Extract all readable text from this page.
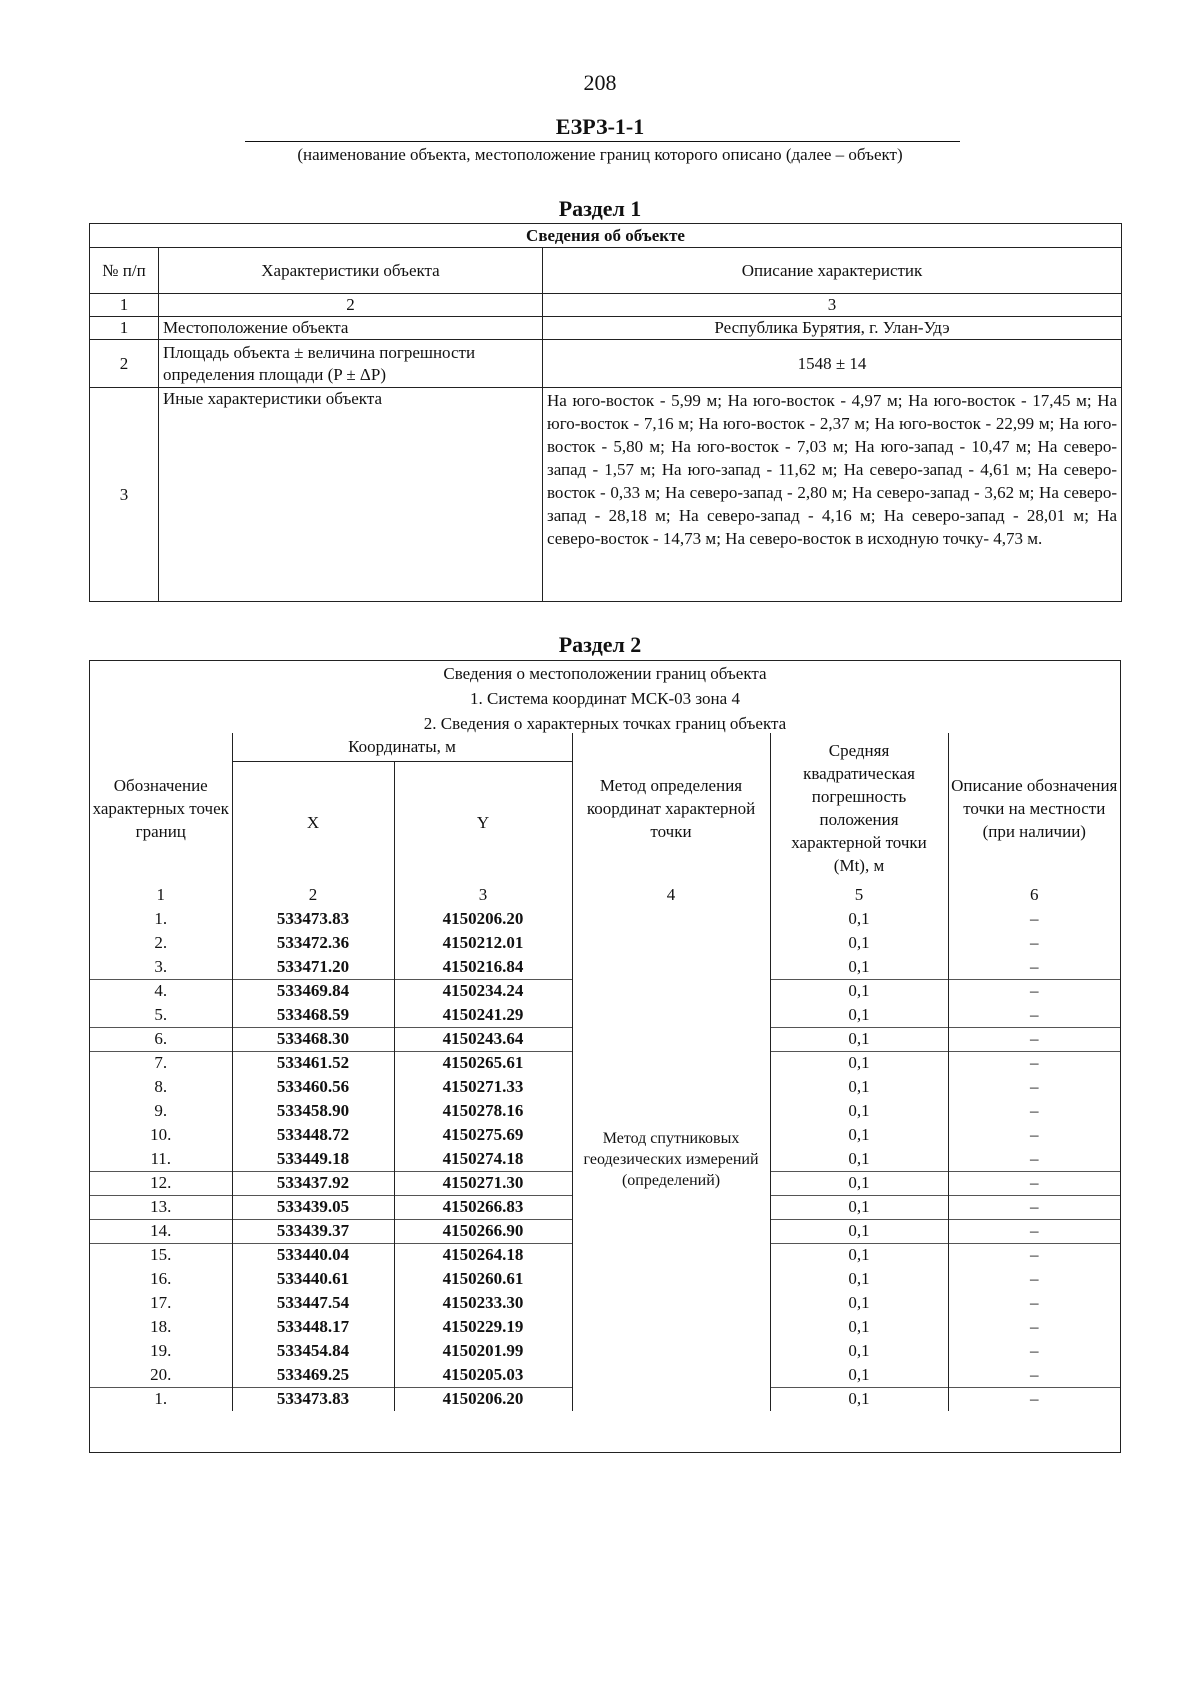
208
ЕЗРЗ-1-1
(наименование объекта, местоположение границ которого описано (далее – объект)
Раздел 1
Сведения об объекте		
№ п/п	Характеристики объекта	Описание характеристик
1	2	3
1	Местоположение объекта	Республика Бурятия, г. Улан-Удэ
2	Площадь объекта ± величина погрешности определения площади (P ± ΔP)	1548 ± 14
3	Иные характеристики объекта	На юго-восток - 5,99 м; На юго-восток - 4,97 м; На юго-восток - 17,45 м; На юго-восток - 7,16 м; На юго-восток - 2,37 м; На юго-восток - 22,99 м; На юго-восток - 5,80 м; На юго-восток - 7,03 м; На юго-запад - 10,47 м; На северо-запад - 1,57 м; На юго-запад - 11,62 м; На северо-запад - 4,61 м; На северо-восток - 0,33 м; На северо-запад - 2,80 м; На северо-запад - 3,62 м; На северо-запад - 28,18 м; На северо-запад - 4,16 м; На северо-запад - 28,01 м; На северо-восток - 14,73 м; На северо-восток в исходную точку- 4,73 м.
Раздел 2
Сведения о местоположении границ объекта
1. Система координат МСК-03 зона 4
2. Сведения о характерных точках границ объекта
Обозначение характерных точек границ	Координаты, м		Метод определения координат характерной точки	Средняя квадратическая погрешность положения характерной точки (Mt), м	Описание обозначения точки на местности (при наличии)
	X	Y			
1	2	3	4	5	6
1.	533473.83	4150206.20	Метод спутниковых геодезических измерений (определений)	0,1	–
2.	533472.36	4150212.01		0,1	–
3.	533471.20	4150216.84		0,1	–
4.	533469.84	4150234.24		0,1	–
5.	533468.59	4150241.29		0,1	–
6.	533468.30	4150243.64		0,1	–
7.	533461.52	4150265.61		0,1	–
8.	533460.56	4150271.33		0,1	–
9.	533458.90	4150278.16		0,1	–
10.	533448.72	4150275.69		0,1	–
11.	533449.18	4150274.18		0,1	–
12.	533437.92	4150271.30		0,1	–
13.	533439.05	4150266.83		0,1	–
14.	533439.37	4150266.90		0,1	–
15.	533440.04	4150264.18		0,1	–
16.	533440.61	4150260.61		0,1	–
17.	533447.54	4150233.30		0,1	–
18.	533448.17	4150229.19		0,1	–
19.	533454.84	4150201.99		0,1	–
20.	533469.25	4150205.03		0,1	–
1.	533473.83	4150206.20		0,1	–
